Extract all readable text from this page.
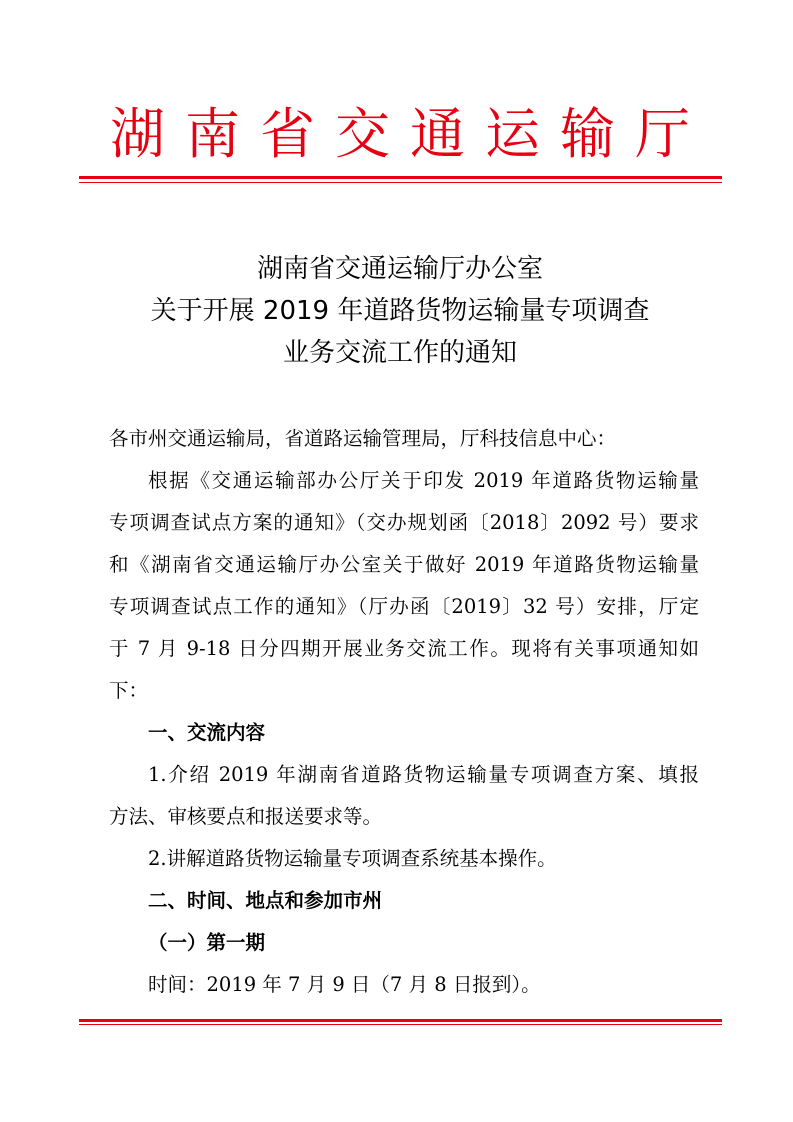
湖南省交通运输厅
湖南省交通运输厅办公室
关于开展 2019 年道路货物运输量专项调查
业务交流工作的通知
各市州交通运输局，省道路运输管理局，厅科技信息中心：
根据《交通运输部办公厅关于印发 2019 年道路货物运输量
专项调查试点方案的通知》（交办规划函〔2018〕2092 号）要求
和《湖南省交通运输厅办公室关于做好 2019 年道路货物运输量
专项调查试点工作的通知》（厅办函〔2019〕32 号）安排，厅定
于 7 月 9-18 日分四期开展业务交流工作。现将有关事项通知如
下：
一、交流内容
1.介绍 2019 年湖南省道路货物运输量专项调查方案、填报
方法、审核要点和报送要求等。
2.讲解道路货物运输量专项调查系统基本操作。
二、时间、地点和参加市州
（一）第一期
时间：2019 年 7 月 9 日（7 月 8 日报到）。
